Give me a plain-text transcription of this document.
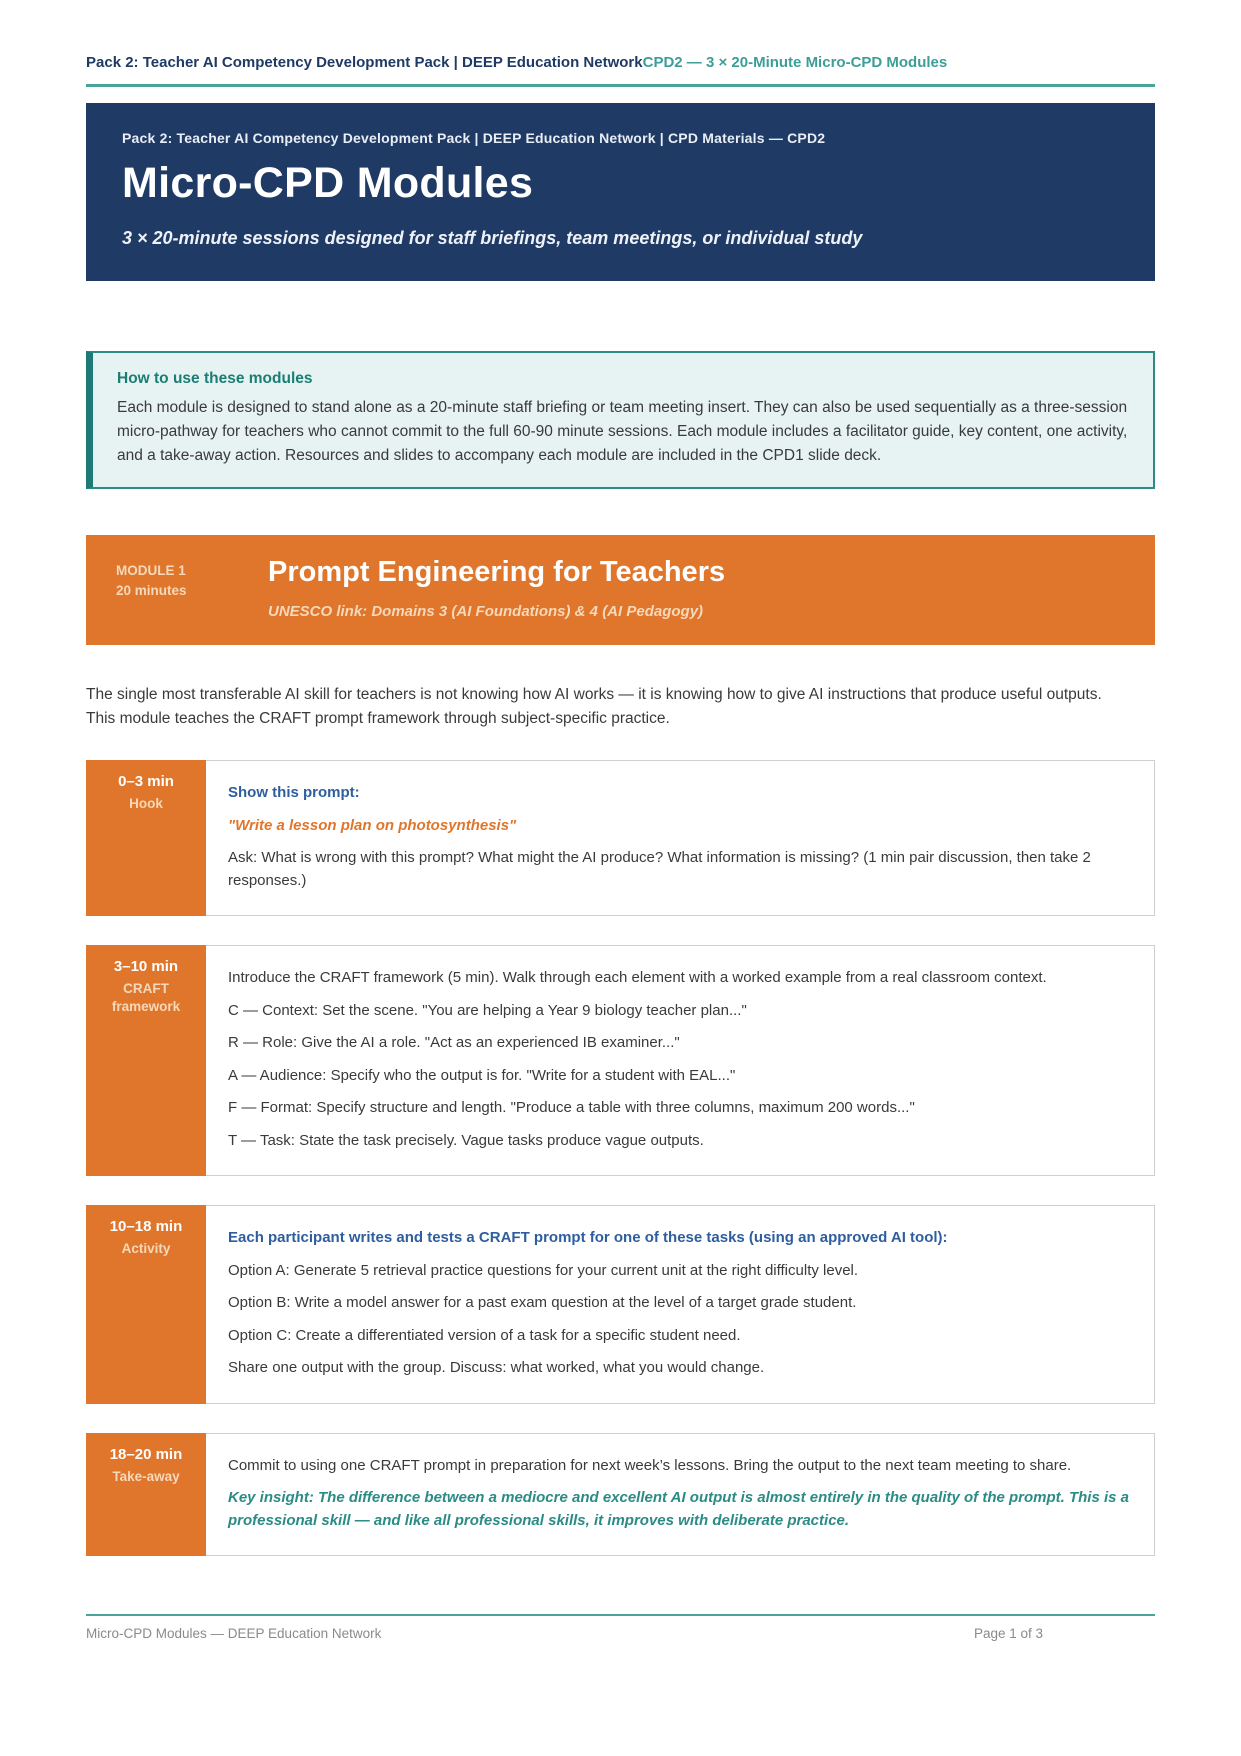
Pack 2: Teacher AI Competency Development Pack | DEEP Education Network CPD2 — 3 × 20-Minute Micro-CPD Modules
Pack 2: Teacher AI Competency Development Pack | DEEP Education Network | CPD Materials — CPD2
Micro-CPD Modules
3 × 20-minute sessions designed for staff briefings, team meetings, or individual study
How to use these modules

Each module is designed to stand alone as a 20-minute staff briefing or team meeting insert. They can also be used sequentially as a three-session micro-pathway for teachers who cannot commit to the full 60-90 minute sessions. Each module includes a facilitator guide, key content, one activity, and a take-away action. Resources and slides to accompany each module are included in the CPD1 slide deck.

MODULE 1
20 minutes
Prompt Engineering for Teachers
UNESCO link: Domains 3 (AI Foundations) & 4 (AI Pedagogy)

The single most transferable AI skill for teachers is not knowing how AI works — it is knowing how to give AI instructions that produce useful outputs. This module teaches the CRAFT prompt framework through subject-specific practice.

0–3 min
Hook

Show this prompt:

"Write a lesson plan on photosynthesis"

Ask: What is wrong with this prompt? What might the AI produce? What information is missing? (1 min pair discussion, then take 2 responses.)

3–10 min
CRAFT framework

Introduce the CRAFT framework (5 min). Walk through each element with a worked example from a real classroom context.

C — Context: Set the scene. "You are helping a Year 9 biology teacher plan..."

R — Role: Give the AI a role. "Act as an experienced IB examiner..."

A — Audience: Specify who the output is for. "Write for a student with EAL..."

F — Format: Specify structure and length. "Produce a table with three columns, maximum 200 words..."

T — Task: State the task precisely. Vague tasks produce vague outputs.

10–18 min
Activity

Each participant writes and tests a CRAFT prompt for one of these tasks (using an approved AI tool):

Option A: Generate 5 retrieval practice questions for your current unit at the right difficulty level.

Option B: Write a model answer for a past exam question at the level of a target grade student.

Option C: Create a differentiated version of a task for a specific student need.

Share one output with the group. Discuss: what worked, what you would change.

18–20 min
Take-away

Commit to using one CRAFT prompt in preparation for next week’s lessons. Bring the output to the next team meeting to share.

Key insight: The difference between a mediocre and excellent AI output is almost entirely in the quality of the prompt. This is a professional skill — and like all professional skills, it improves with deliberate practice.

Micro-CPD Modules — DEEP Education Network	Page 1 of 3
